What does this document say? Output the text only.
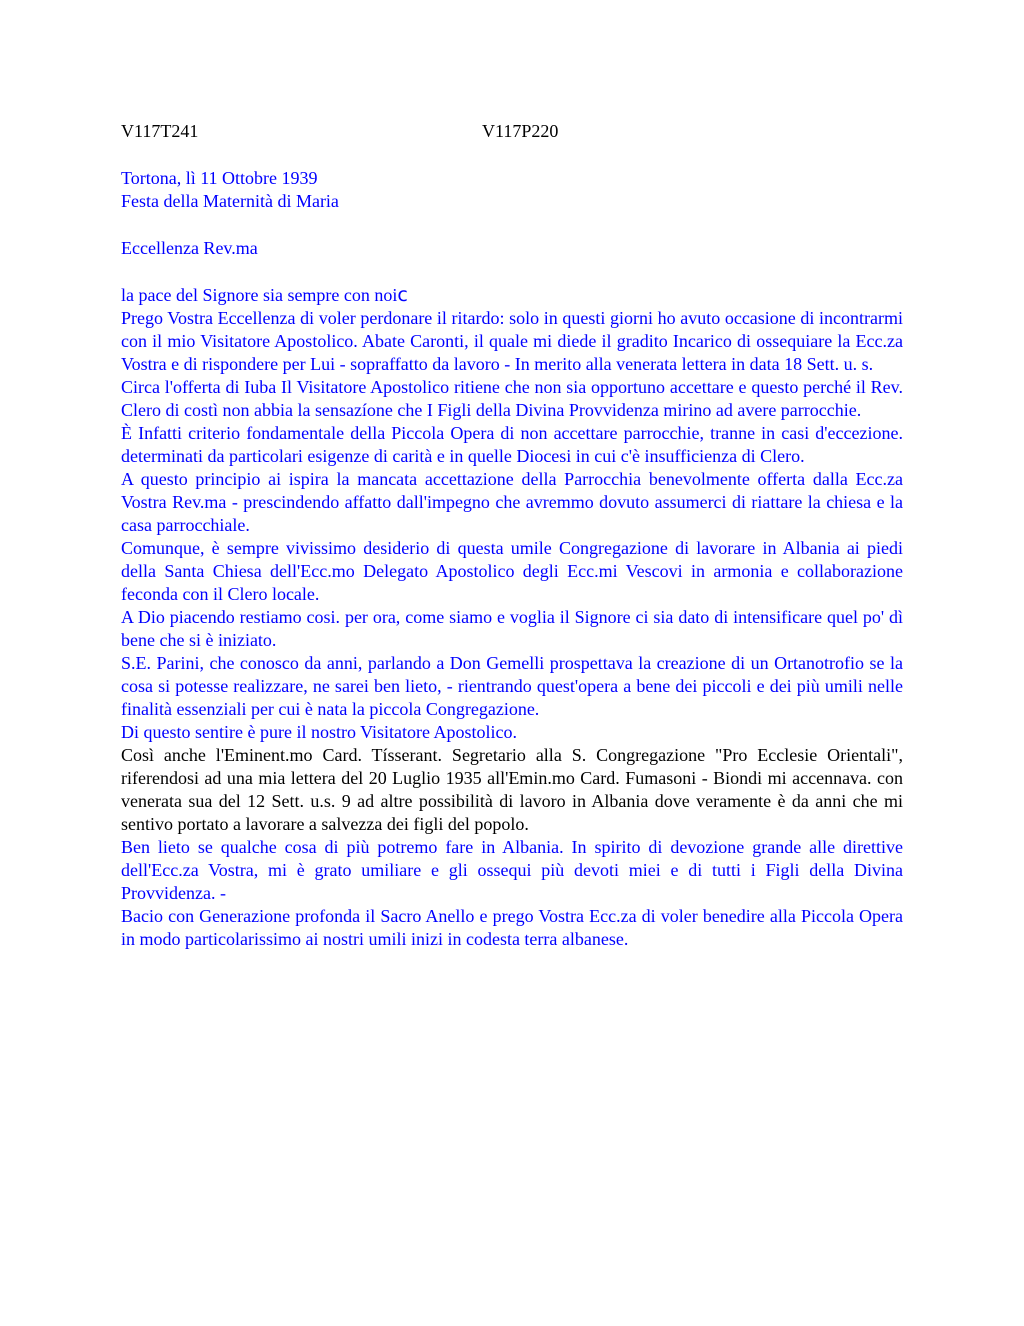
V117T241	V117P220
Tortona, lì 11 Ottobre 1939
Festa della Maternità di Maria
Eccellenza Rev.ma
la pace del Signore sia sempre con noic

Prego Vostra Eccellenza di voler perdonare il ritardo: solo in questi giorni ho avuto occasione di incontrarmi con il mio Visitatore Apostolico. Abate Caronti, il quale mi diede il gradito Incarico di ossequiare la Ecc.za Vostra e di rispondere per Lui - sopraffatto da lavoro - In merito alla venerata lettera in data 18 Sett. u. s.

Circa l'offerta di Iuba Il Visitatore Apostolico ritiene che non sia opportuno accettare e questo perché il Rev. Clero di costì non abbia la sensazíone che I Figli della Divina Provvidenza mirino ad avere parrocchie.

È Infatti criterio fondamentale della Piccola Opera di non accettare parrocchie, tranne in casi d'eccezione. determinati da particolari esigenze di carità e in quelle Diocesi in cui c'è insufficienza di Clero.

A questo principio ai ispira la mancata accettazione della Parrocchia benevolmente offerta dalla Ecc.za Vostra Rev.ma - prescindendo affatto dall'impegno che avremmo dovuto assumerci di riattare la chiesa e la casa parrocchiale.

Comunque, è sempre vivissimo desiderio di questa umile Congregazione di lavorare in Albania ai piedi della Santa Chiesa dell'Ecc.mo Delegato Apostolico degli Ecc.mi Vescovi in armonia e collaborazione feconda con il Clero locale.

A Dio piacendo restiamo cosi. per ora, come siamo e voglia il Signore ci sia dato di intensificare quel po' dì bene che si è iniziato.

S.E. Parini, che conosco da anni, parlando a Don Gemelli prospettava la creazione di un Ortanotrofio se la cosa si potesse realizzare, ne sarei ben lieto, - rientrando quest'opera a bene dei piccoli e dei più umili nelle finalità essenziali per cui è nata la piccola Congregazione.

Di questo sentire è pure il nostro Visitatore Apostolico.

Così anche l'Eminent.mo Card. Tísserant. Segretario alla S. Congregazione "Pro Ecclesie Orientali", riferendosi ad una mia lettera del 20 Luglio 1935 all'Emin.mo Card. Fumasoni - Biondi mi accennava. con venerata sua del 12 Sett. u.s. 9 ad altre possibilità di lavoro in Albania dove veramente è da anni che mi sentivo portato a lavorare a salvezza dei figli del popolo.

Ben lieto se qualche cosa di più potremo fare in Albania. In spirito di devozione grande alle direttive dell'Ecc.za Vostra, mi è grato umiliare e gli ossequi più devoti miei e di tutti i Figli della Divina Provvidenza. -

Bacio con Generazione profonda il Sacro Anello e prego Vostra Ecc.za di voler benedire alla Piccola Opera in modo particolarissimo ai nostri umili inizi in codesta terra albanese.
